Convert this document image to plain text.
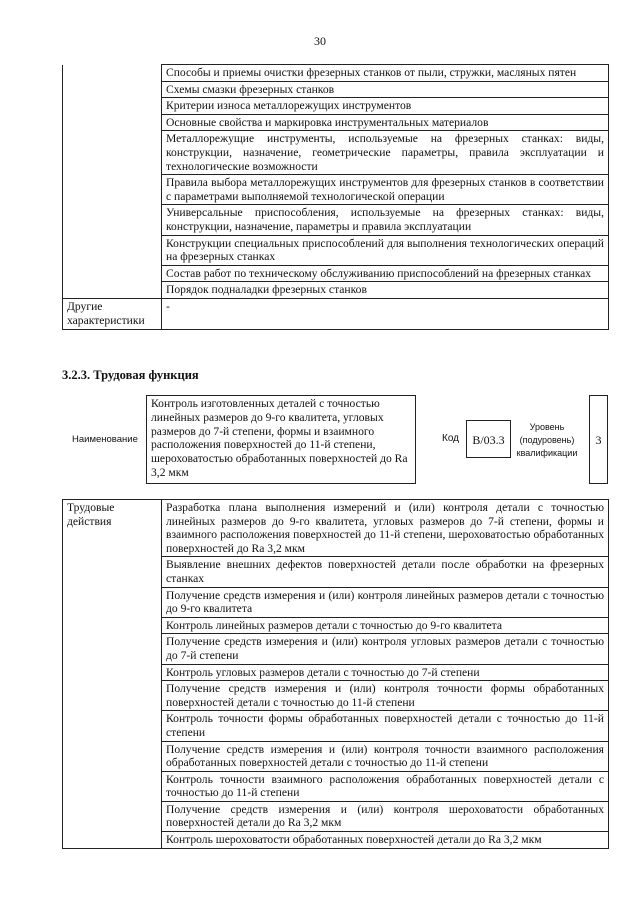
30
	Способы и приемы очистки фрезерных станков от пыли, стружки, масляных пятен
	Схемы смазки фрезерных станков
	Критерии износа металлорежущих инструментов
	Основные свойства и маркировка инструментальных материалов
	Металлорежущие инструменты, используемые на фрезерных станках: виды, конструкции, назначение, геометрические параметры, правила эксплуатации и технологические возможности
	Правила выбора металлорежущих инструментов для фрезерных станков в соответствии с параметрами выполняемой технологической операции
	Универсальные приспособления, используемые на фрезерных станках: виды, конструкции, назначение, параметры и правила эксплуатации
	Конструкции специальных приспособлений для выполнения технологических операций на фрезерных станках
	Состав работ по техническому обслуживанию приспособлений на фрезерных станках
	Порядок подналадки фрезерных станков
Другие характеристики	-
3.2.3. Трудовая функция
Наименование
Контроль изготовленных деталей с точностью линейных размеров до 9-го квалитета, угловых размеров до 7-й степени, формы и взаимного расположения поверхностей до 11-й степени, шероховатостью обработанных поверхностей до Ra 3,2 мкм
Код	В/03.3
Уровень (подуровень) квалификации
3
Трудовые действия	Разработка плана выполнения измерений и (или) контроля детали с точностью линейных размеров до 9-го квалитета, угловых размеров до 7-й степени, формы и взаимного расположения поверхностей до 11-й степени, шероховатостью обработанных поверхностей до Ra 3,2 мкм
	Выявление внешних дефектов поверхностей детали после обработки на фрезерных станках
	Получение средств измерения и (или) контроля линейных размеров детали с точностью до 9-го квалитета
	Контроль линейных размеров детали с точностью до 9-го квалитета
	Получение средств измерения и (или) контроля угловых размеров детали с точностью до 7-й степени
	Контроль угловых размеров детали с точностью до 7-й степени
	Получение средств измерения и (или) контроля точности формы обработанных поверхностей детали с точностью до 11-й степени
	Контроль точности формы обработанных поверхностей детали с точностью до 11-й степени
	Получение средств измерения и (или) контроля точности взаимного расположения обработанных поверхностей детали с точностью до 11-й степени
	Контроль точности взаимного расположения обработанных поверхностей детали с точностью до 11-й степени
	Получение средств измерения и (или) контроля шероховатости обработанных поверхностей детали до Ra 3,2 мкм
	Контроль шероховатости обработанных поверхностей детали до Ra 3,2 мкм
